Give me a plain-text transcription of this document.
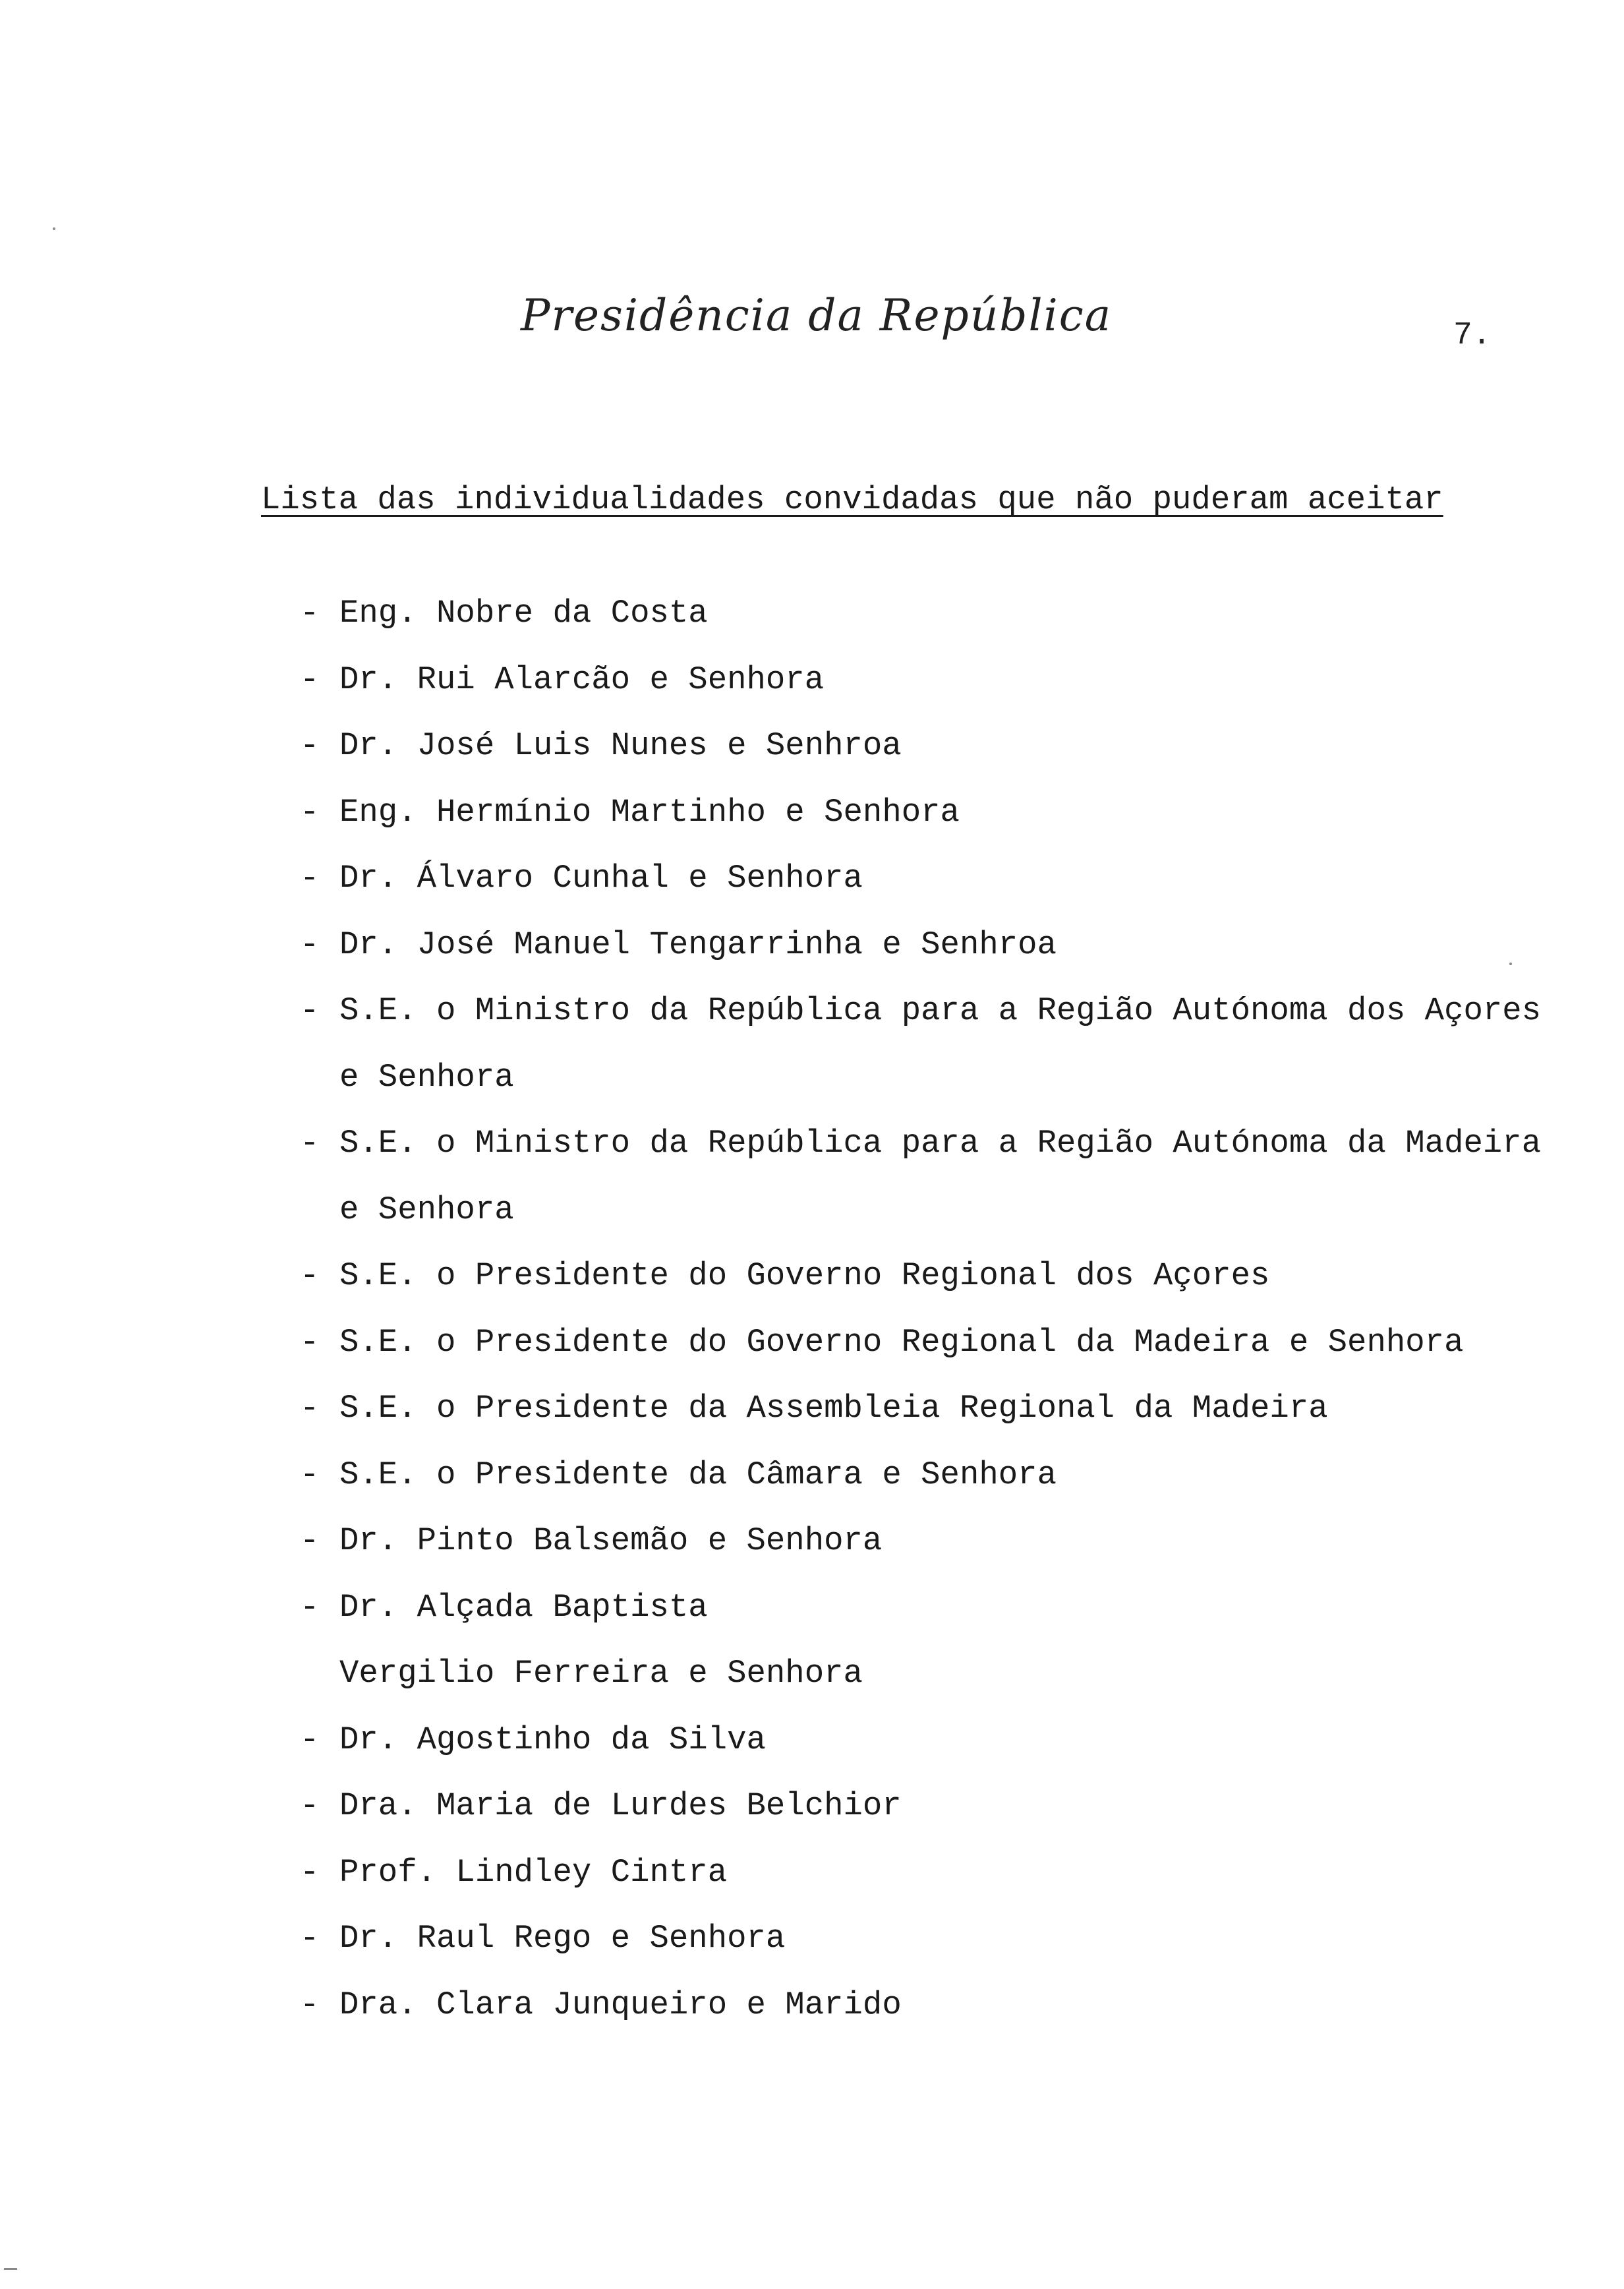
Presidência da República	7.
Lista das individualidades convidadas que não puderam aceitar
- Eng. Nobre da Costa
- Dr. Rui Alarcão e Senhora
- Dr. José Luis Nunes e Senhroa
- Eng. Hermínio Martinho e Senhora
- Dr. Álvaro Cunhal e Senhora
- Dr. José Manuel Tengarrinha e Senhroa
- S.E. o Ministro da República para a Região Autónoma dos Açores
e Senhora
- S.E. o Ministro da República para a Região Autónoma da Madeira
e Senhora
- S.E. o Presidente do Governo Regional dos Açores
- S.E. o Presidente do Governo Regional da Madeira e Senhora
- S.E. o Presidente da Assembleia Regional da Madeira
- S.E. o Presidente da Câmara e Senhora
- Dr. Pinto Balsemão e Senhora
- Dr. Alçada Baptista
Vergilio Ferreira e Senhora
- Dr. Agostinho da Silva
- Dra. Maria de Lurdes Belchior
- Prof. Lindley Cintra
- Dr. Raul Rego e Senhora
- Dra. Clara Junqueiro e Marido
